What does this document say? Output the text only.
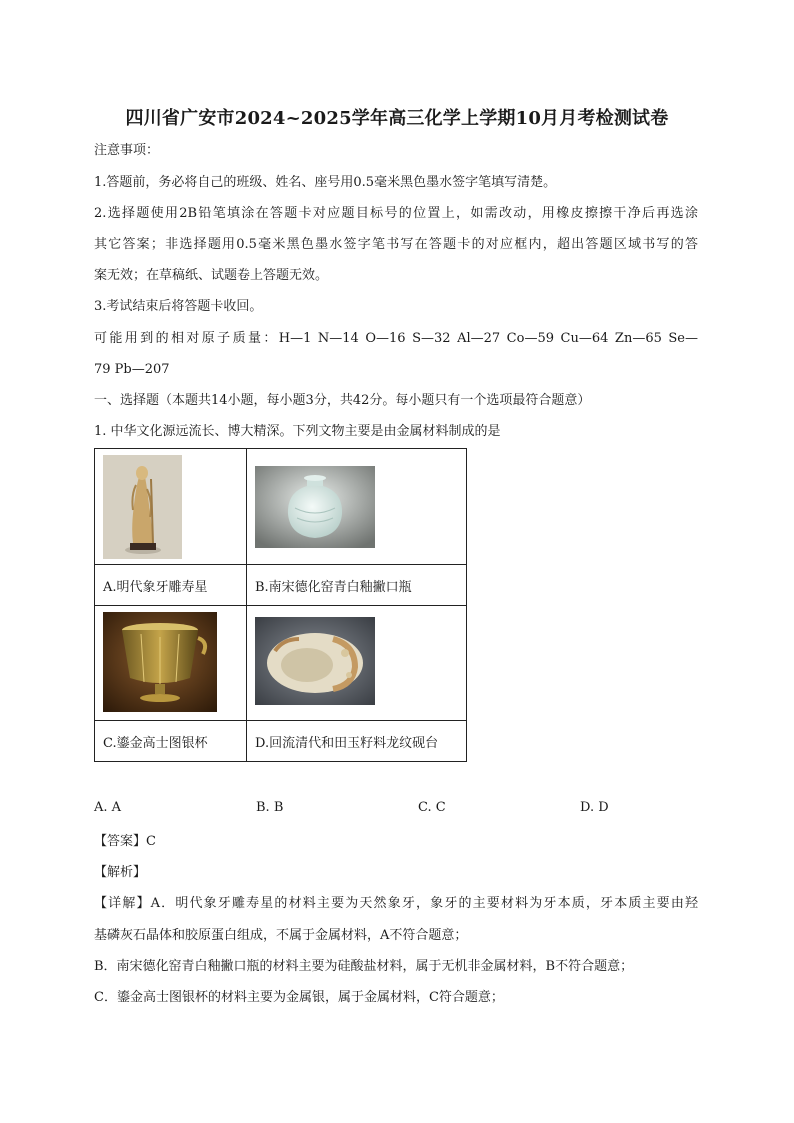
四川省广安市2024~2025学年高三化学上学期10月月考检测试卷
注意事项：
1.答题前，务必将自己的班级、姓名、座号用0.5毫米黑色墨水签字笔填写清楚。
2.选择题使用2B铅笔填涂在答题卡对应题目标号的位置上，如需改动，用橡皮擦擦干净后再选涂
其它答案；非选择题用0.5毫米黑色墨水签字笔书写在答题卡的对应框内，超出答题区域书写的答
案无效；在草稿纸、试题卷上答题无效。
3.考试结束后将答题卡收回。
可能用到的相对原子质量：H—1 N—14 O—16 S—32 Al—27 Co—59 Cu—64 Zn—65 Se—
79 Pb—207
一、选择题（本题共14小题，每小题3分，共42分。每小题只有一个选项最符合题意）
1. 中华文化源远流长、博大精深。下列文物主要是由金属材料制成的是

A.明代象牙雕寿星	B.南宋德化窑青白釉撇口瓶

C.鎏金高士图银杯	D.回流清代和田玉籽料龙纹砚台
A. A	B. B	C. C	D. D
【答案】C
【解析】
【详解】A．明代象牙雕寿星的材料主要为天然象牙，象牙的主要材料为牙本质，牙本质主要由羟
基磷灰石晶体和胶原蛋白组成，不属于金属材料，A不符合题意；
B．南宋德化窑青白釉撇口瓶的材料主要为硅酸盐材料，属于无机非金属材料，B不符合题意；
C．鎏金高士图银杯的材料主要为金属银，属于金属材料，C符合题意；
